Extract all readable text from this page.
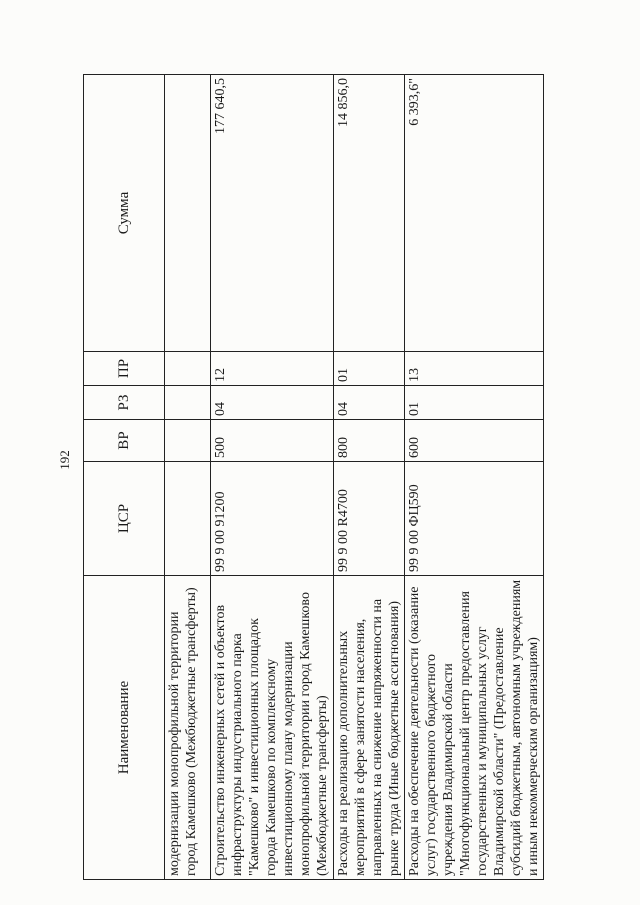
192
Наименование	ЦСР	ВР	РЗ	ПР	Сумма
модернизации монопрофильной территории город Камешково (Межбюджетные трансферты)					
Строительство инженерных сетей и объектов инфраструктуры индустриального парка "Камешково" и инвестиционных площадок города Камешково по комплексному инвестиционному плану модернизации монопрофильной территории город Камешково (Межбюджетные трансферты)	99 9 00 91200	500	04	12	177 640,5
Расходы на реализацию дополнительных мероприятий в сфере занятости населения, направленных на снижение напряженности на рынке труда (Иные бюджетные ассигнования)	99 9 00 R4700	800	04	01	14 856,0
Расходы на обеспечение деятельности (оказание услуг) государственного бюджетного учреждения Владимирской области "Многофункциональный центр предоставления государственных и муниципальных услуг Владимирской области" (Предоставление субсидий бюджетным, автономным учреждениям и иным некоммерческим организациям)	99 9 00 ФЦ590	600	01	13	6 393,6"
